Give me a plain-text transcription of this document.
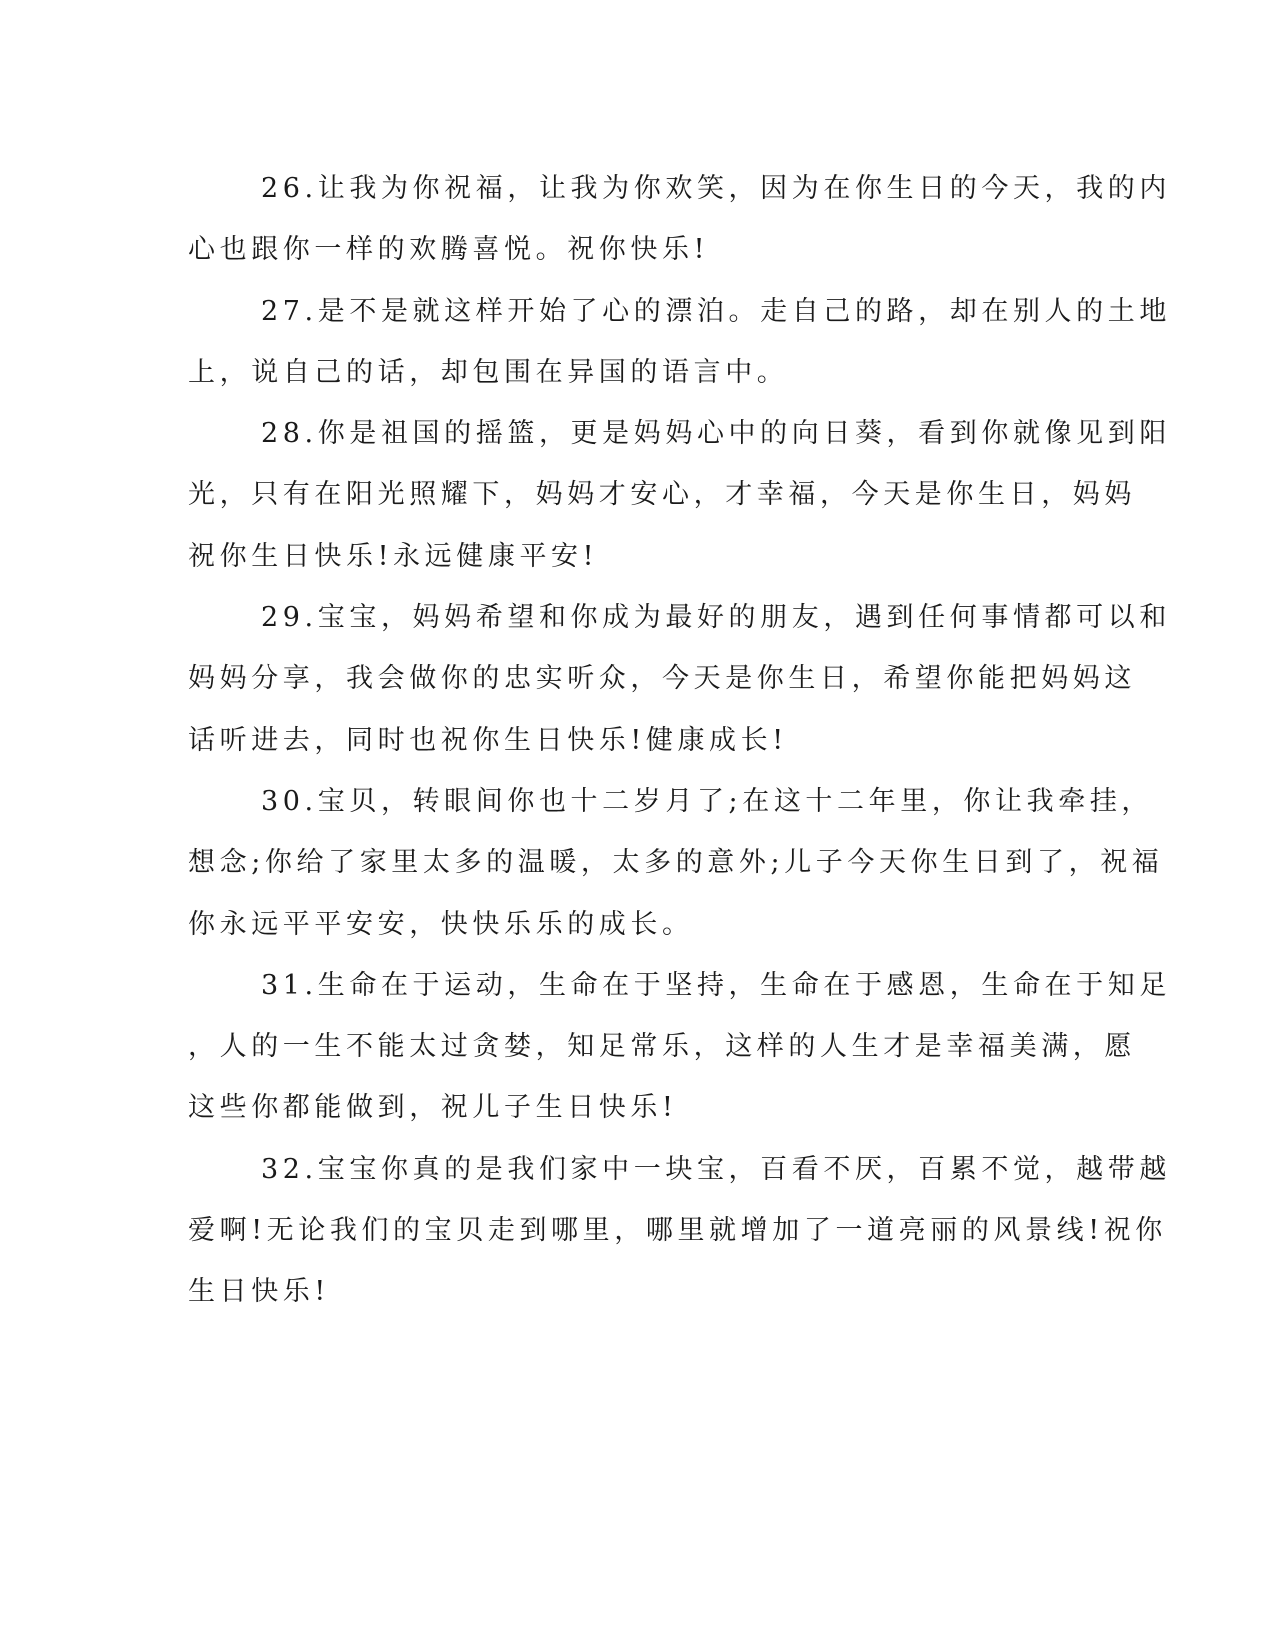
26.让我为你祝福，让我为你欢笑，因为在你生日的今天，我的内
心也跟你一样的欢腾喜悦。祝你快乐!
27.是不是就这样开始了心的漂泊。走自己的路，却在别人的土地
上，说自己的话，却包围在异国的语言中。
28.你是祖国的摇篮，更是妈妈心中的向日葵，看到你就像见到阳
光，只有在阳光照耀下，妈妈才安心，才幸福，今天是你生日，妈妈
祝你生日快乐!永远健康平安!
29.宝宝，妈妈希望和你成为最好的朋友，遇到任何事情都可以和
妈妈分享，我会做你的忠实听众，今天是你生日，希望你能把妈妈这
话听进去，同时也祝你生日快乐!健康成长!
30.宝贝，转眼间你也十二岁月了;在这十二年里，你让我牵挂，
想念;你给了家里太多的温暖，太多的意外;儿子今天你生日到了，祝福
你永远平平安安，快快乐乐的成长。
31.生命在于运动，生命在于坚持，生命在于感恩，生命在于知足
，人的一生不能太过贪婪，知足常乐，这样的人生才是幸福美满，愿
这些你都能做到，祝儿子生日快乐!
32.宝宝你真的是我们家中一块宝，百看不厌，百累不觉，越带越
爱啊!无论我们的宝贝走到哪里，哪里就增加了一道亮丽的风景线!祝你
生日快乐!
